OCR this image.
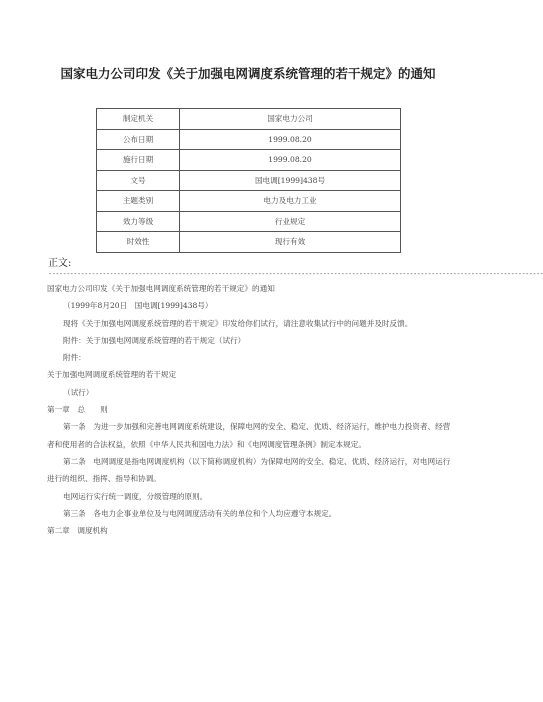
国家电力公司印发《关于加强电网调度系统管理的若干规定》的通知
制定机关	国家电力公司
公布日期	1999.08.20
施行日期	1999.08.20
文号	国电调[1999]438号
主题类别	电力及电力工业
效力等级	行业规定
时效性	现行有效
正文:
-----------------------------------------------------------------------------------------------------------------------------------------

国家电力公司印发《关于加强电网调度系统管理的若干规定》的通知

（1999年8月20日　国电调[1999]438号）

现将《关于加强电网调度系统管理的若干规定》印发给你们试行，请注意收集试行中的问题并及时反馈。

附件：关于加强电网调度系统管理的若干规定（试行）

附件：

关于加强电网调度系统管理的若干规定

（试行）

第一章　总　　则

第一条　为进一步加强和完善电网调度系统建设，保障电网的安全、稳定、优质、经济运行，维护电力投资者、经营者和使用者的合法权益，依照《中华人民共和国电力法》和《电网调度管理条例》制定本规定。

第二条　电网调度是指电网调度机构（以下简称调度机构）为保障电网的安全、稳定、优质、经济运行，对电网运行进行的组织、指挥、指导和协调。

电网运行实行统一调度，分级管理的原则。

第三条　各电力企事业单位及与电网调度活动有关的单位和个人均应遵守本规定。

第二章　调度机构
